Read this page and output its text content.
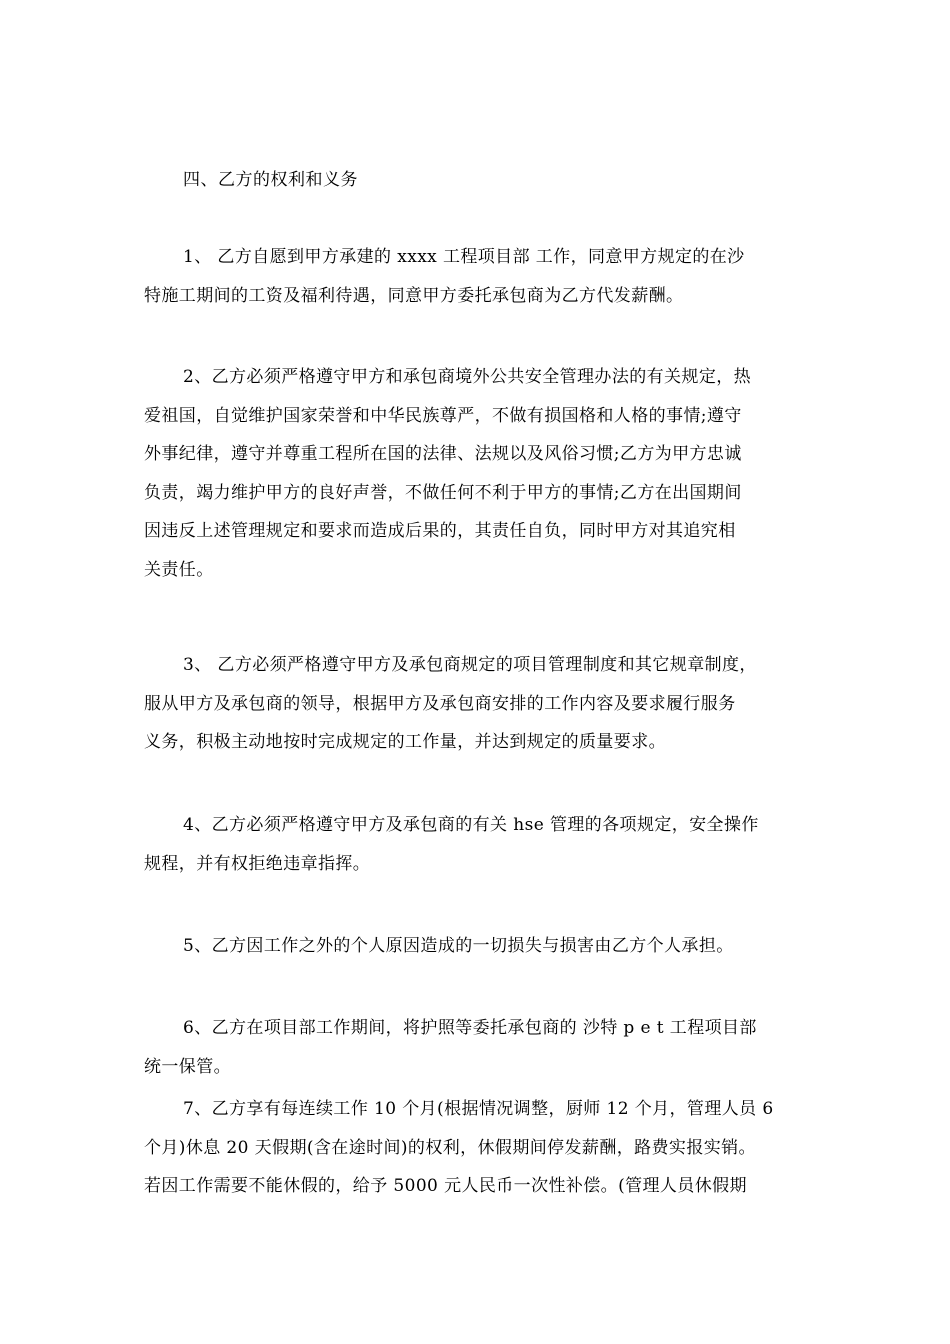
四、乙方的权利和义务
1、 乙方自愿到甲方承建的 xxxx 工程项目部 工作，同意甲方规定的在沙
特施工期间的工资及福利待遇，同意甲方委托承包商为乙方代发薪酬。
2、乙方必须严格遵守甲方和承包商境外公共安全管理办法的有关规定，热
爱祖国，自觉维护国家荣誉和中华民族尊严，不做有损国格和人格的事情;遵守
外事纪律，遵守并尊重工程所在国的法律、法规以及风俗习惯;乙方为甲方忠诚
负责，竭力维护甲方的良好声誉，不做任何不利于甲方的事情;乙方在出国期间
因违反上述管理规定和要求而造成后果的，其责任自负，同时甲方对其追究相
关责任。
3、 乙方必须严格遵守甲方及承包商规定的项目管理制度和其它规章制度，
服从甲方及承包商的领导，根据甲方及承包商安排的工作内容及要求履行服务
义务，积极主动地按时完成规定的工作量，并达到规定的质量要求。
4、乙方必须严格遵守甲方及承包商的有关 hse 管理的各项规定，安全操作
规程，并有权拒绝违章指挥。
5、乙方因工作之外的个人原因造成的一切损失与损害由乙方个人承担。
6、乙方在项目部工作期间，将护照等委托承包商的 沙特 p e t 工程项目部
统一保管。
7、乙方享有每连续工作 10 个月(根据情况调整，厨师 12 个月，管理人员 6
个月)休息 20 天假期(含在途时间)的权利，休假期间停发薪酬，路费实报实销。
若因工作需要不能休假的，给予 5000 元人民币一次性补偿。(管理人员休假期
